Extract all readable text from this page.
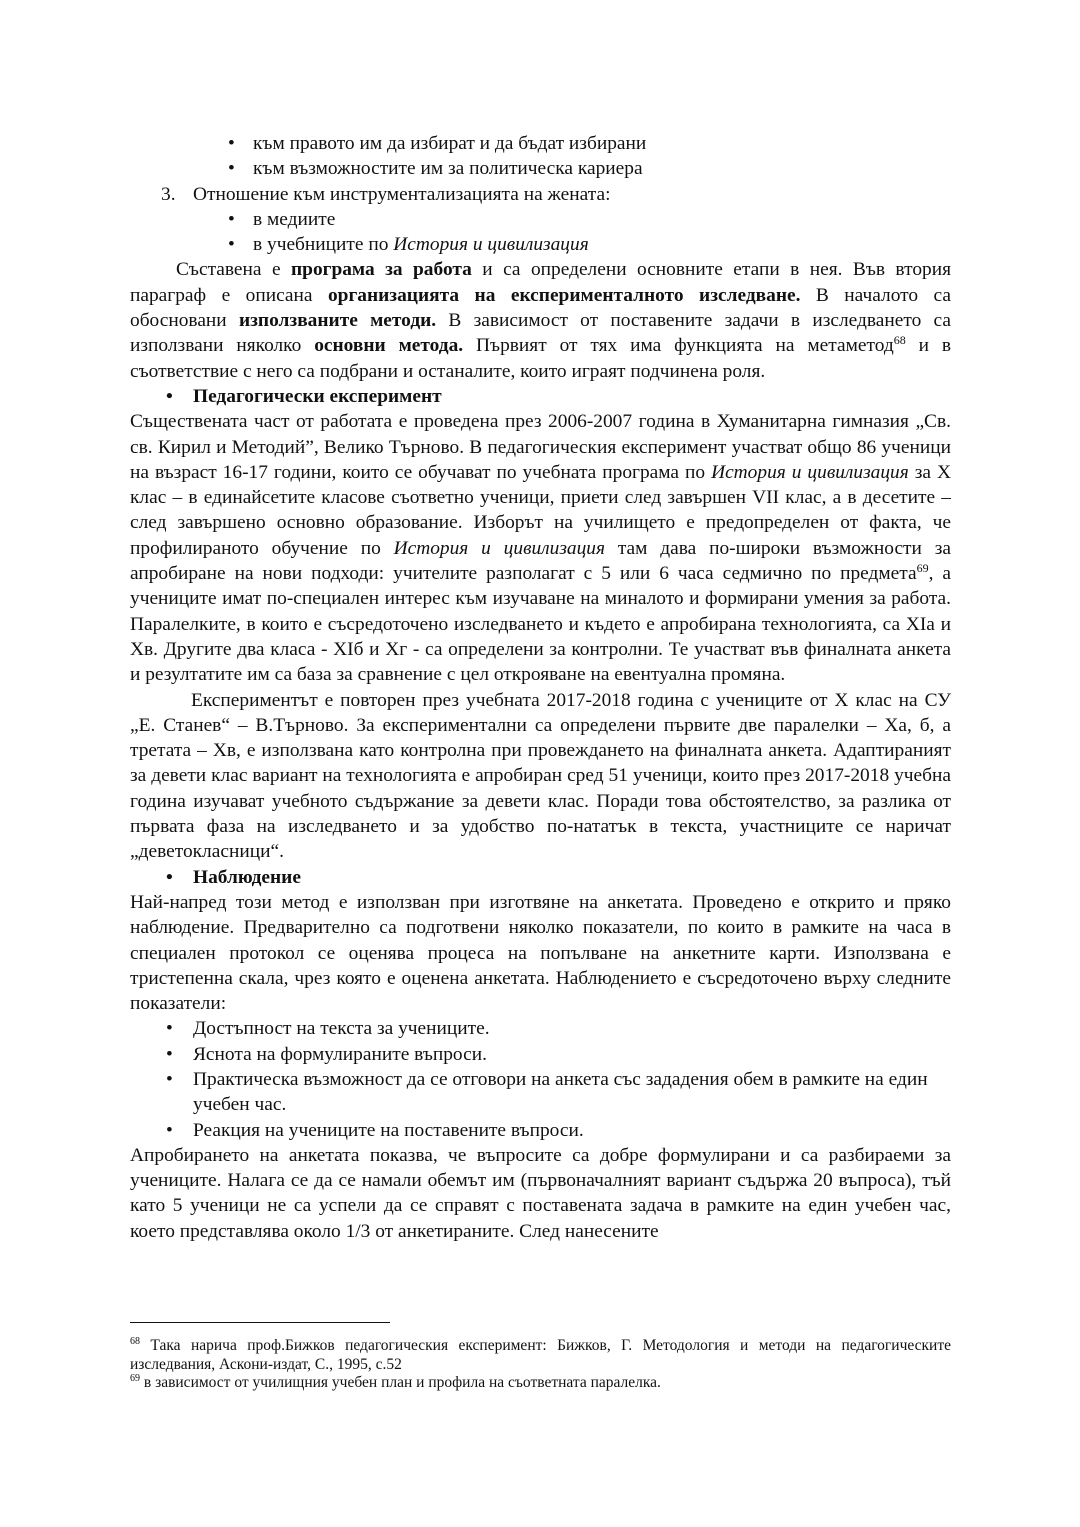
• към правото им да избират и да бъдат избирани
• към възможностите им за политическа кариера
3. Отношение към инструментализацията на жената:
• в медиите
• в учебниците по История и цивилизация

Съставена е програма за работа и са определени основните етапи в нея. Във втория параграф е описана организацията на експерименталното изследване. В началото са обосновани използваните методи. В зависимост от поставените задачи в изследването са използвани няколко основни метода. Първият от тях има функцията на метаметод$^{68}$ и в съответствие с него са подбрани и останалите, които играят подчинена роля.

• Педагогически експеримент

Съществената част от работата е проведена през 2006-2007 година в Хуманитарна гимназия „Св. св. Кирил и Методий”, Велико Търново. В педагогическия експеримент участват общо 86 ученици на възраст 16-17 години, които се обучават по учебната програма по История и цивилизация за X клас – в единайсетите класове съответно ученици, приети след завършен VII клас, а в десетите – след завършено основно образование. Изборът на училището е предопределен от факта, че профилираното обучение по История и цивилизация там дава по-широки възможности за апробиране на нови подходи: учителите разполагат с 5 или 6 часа седмично по предмета$^{69}$, а учениците имат по-специален интерес към изучаване на миналото и формирани умения за работа. Паралелките, в които е съсредоточено изследването и където е апробирана технологията, са XIa и Хв. Другите два класа - XIб и Хг - са определени за контролни. Те участват във финалната анкета и резултатите им са база за сравнение с цел открояване на евентуална промяна.

Експериментът е повторен през учебната 2017-2018 година с учениците от X клас на СУ „Е. Станев“ – В.Търново. За експериментални са определени първите две паралелки – Ха, б, а третата – Хв, е използвана като контролна при провеждането на финалната анкета. Адаптираният за девети клас вариант на технологията е апробиран сред 51 ученици, които през 2017-2018 учебна година изучават учебното съдържание за девети клас. Поради това обстоятелство, за разлика от първата фаза на изследването и за удобство по-нататък в текста, участниците се наричат „деветокласници“.

• Наблюдение

Най-напред този метод е използван при изготвяне на анкетата. Проведено е открито и пряко наблюдение. Предварително са подготвени няколко показатели, по които в рамките на часа в специален протокол се оценява процеса на попълване на анкетните карти. Използвана е тристепенна скала, чрез която е оценена анкетата. Наблюдението е съсредоточено върху следните показатели:

• Достъпност на текста за учениците.
• Яснота на формулираните въпроси.
• Практическа възможност да се отговори на анкета със зададения обем в рамките на един учебен час.
• Реакция на учениците на поставените въпроси.

Апробирането на анкетата показва, че въпросите са добре формулирани и са разбираеми за учениците. Налага се да се намали обемът им (първоначалният вариант съдържа 20 въпроса), тъй като 5 ученици не са успели да се справят с поставената задача в рамките на един учебен час, което представлява около 1/3 от анкетираните. След нанесените

$^{68}$ Така нарича проф.Бижков педагогическия експеримент: Бижков, Г. Методология и методи на педагогическите изследвания, Аскони-издат, С., 1995, с.52

$^{69}$ в зависимост от училищния учебен план и профила на съответната паралелка.
